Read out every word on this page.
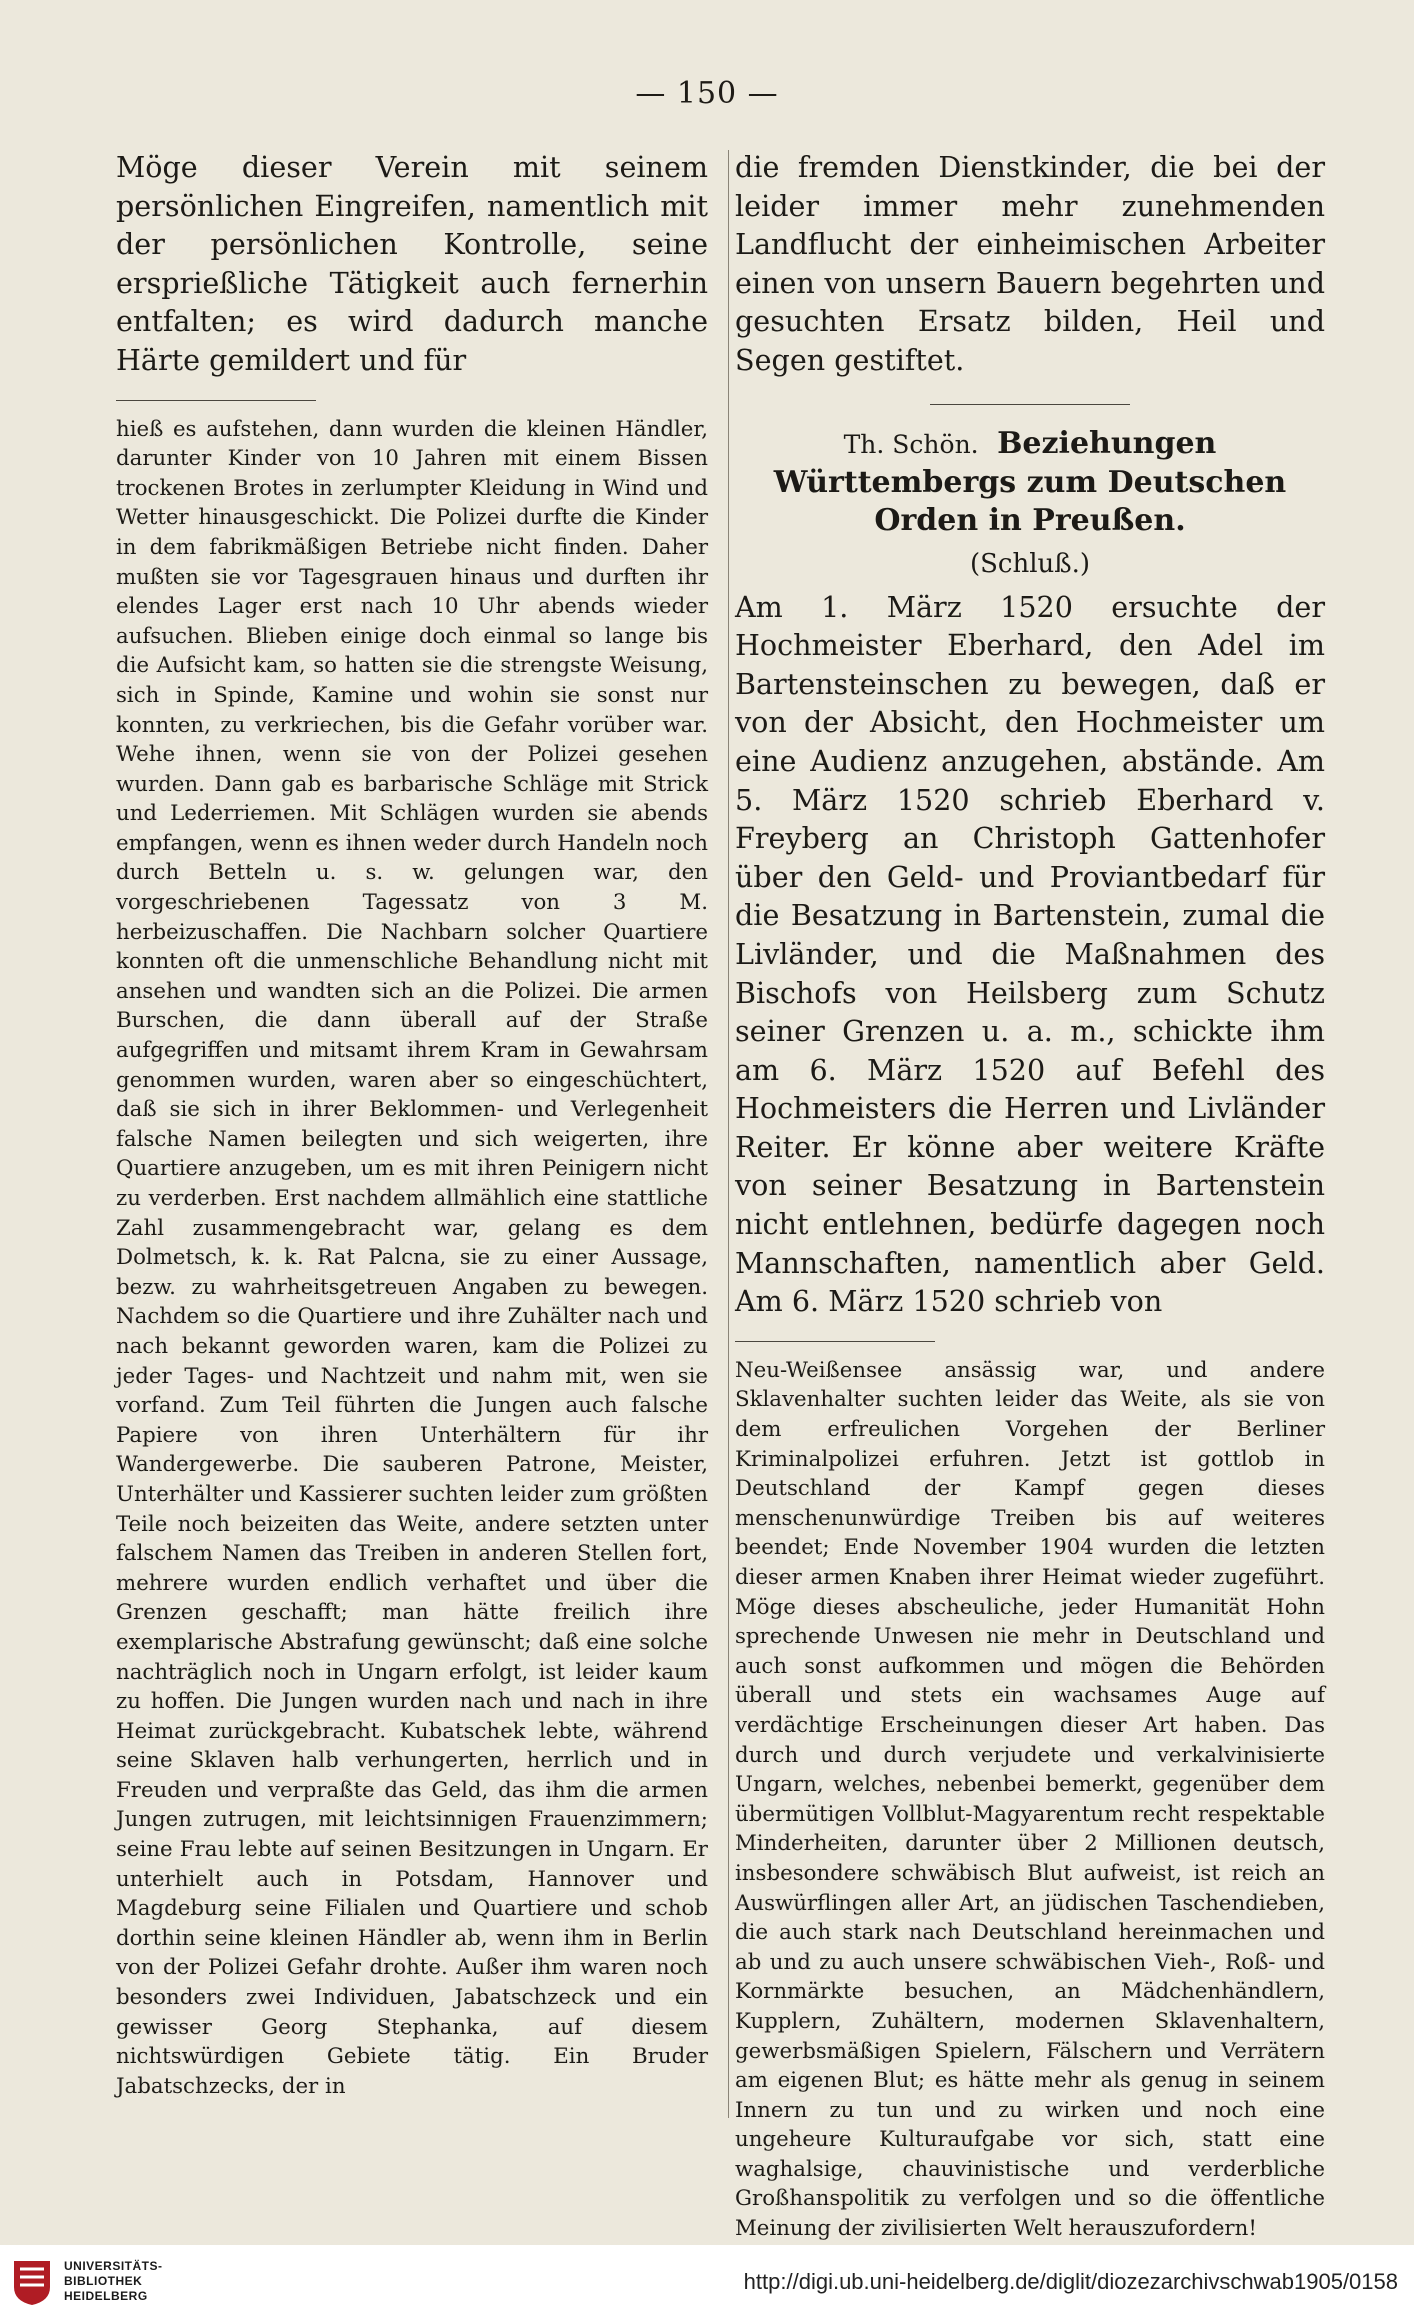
— 150 —

Möge dieser Verein mit seinem persönlichen Eingreifen, namentlich mit der persönlichen Kontrolle, seine ersprießliche Tätigkeit auch fernerhin entfalten; es wird dadurch manche Härte gemildert und für

hieß es aufstehen, dann wurden die kleinen Händler, darunter Kinder von 10 Jahren mit einem Bissen trockenen Brotes in zerlumpter Kleidung in Wind und Wetter hinausgeschickt. Die Polizei durfte die Kinder in dem fabrikmäßigen Betriebe nicht finden. Daher mußten sie vor Tagesgrauen hinaus und durften ihr elendes Lager erst nach 10 Uhr abends wieder aufsuchen. Blieben einige doch einmal so lange bis die Aufsicht kam, so hatten sie die strengste Weisung, sich in Spinde, Kamine und wohin sie sonst nur konnten, zu verkriechen, bis die Gefahr vorüber war. Wehe ihnen, wenn sie von der Polizei gesehen wurden. Dann gab es barbarische Schläge mit Strick und Lederriemen. Mit Schlägen wurden sie abends empfangen, wenn es ihnen weder durch Handeln noch durch Betteln u. s. w. gelungen war, den vorgeschriebenen Tagessatz von 3 M. herbeizuschaffen. Die Nachbarn solcher Quartiere konnten oft die unmenschliche Behandlung nicht mit ansehen und wandten sich an die Polizei. Die armen Burschen, die dann überall auf der Straße aufgegriffen und mitsamt ihrem Kram in Gewahrsam genommen wurden, waren aber so eingeschüchtert, daß sie sich in ihrer Beklommen- und Verlegenheit falsche Namen beilegten und sich weigerten, ihre Quartiere anzugeben, um es mit ihren Peinigern nicht zu verderben. Erst nachdem allmählich eine stattliche Zahl zusammengebracht war, gelang es dem Dolmetsch, k. k. Rat Palcna, sie zu einer Aussage, bezw. zu wahrheitsgetreuen Angaben zu bewegen. Nachdem so die Quartiere und ihre Zuhälter nach und nach bekannt geworden waren, kam die Polizei zu jeder Tages- und Nachtzeit und nahm mit, wen sie vorfand. Zum Teil führten die Jungen auch falsche Papiere von ihren Unterhältern für ihr Wandergewerbe. Die sauberen Patrone, Meister, Unterhälter und Kassierer suchten leider zum größten Teile noch beizeiten das Weite, andere setzten unter falschem Namen das Treiben in anderen Stellen fort, mehrere wurden endlich verhaftet und über die Grenzen geschafft; man hätte freilich ihre exemplarische Abstrafung gewünscht; daß eine solche nachträglich noch in Ungarn erfolgt, ist leider kaum zu hoffen. Die Jungen wurden nach und nach in ihre Heimat zurückgebracht. Kubatschek lebte, während seine Sklaven halb verhungerten, herrlich und in Freuden und verpraßte das Geld, das ihm die armen Jungen zutrugen, mit leichtsinnigen Frauenzimmern; seine Frau lebte auf seinen Besitzungen in Ungarn. Er unterhielt auch in Potsdam, Hannover und Magdeburg seine Filialen und Quartiere und schob dorthin seine kleinen Händler ab, wenn ihm in Berlin von der Polizei Gefahr drohte. Außer ihm waren noch besonders zwei Individuen, Jabatschzeck und ein gewisser Georg Stephanka, auf diesem nichtswürdigen Gebiete tätig. Ein Bruder Jabatschzecks, der in

die fremden Dienstkinder, die bei der leider immer mehr zunehmenden Landflucht der einheimischen Arbeiter einen von unsern Bauern begehrten und gesuchten Ersatz bilden, Heil und Segen gestiftet.

Th. Schön. Beziehungen Württembergs zum Deutschen Orden in Preußen.
(Schluß.)

Am 1. März 1520 ersuchte der Hochmeister Eberhard, den Adel im Bartensteinschen zu bewegen, daß er von der Absicht, den Hochmeister um eine Audienz anzugehen, abstände. Am 5. März 1520 schrieb Eberhard v. Freyberg an Christoph Gattenhofer über den Geld- und Proviantbedarf für die Besatzung in Bartenstein, zumal die Livländer, und die Maßnahmen des Bischofs von Heilsberg zum Schutz seiner Grenzen u. a. m., schickte ihm am 6. März 1520 auf Befehl des Hochmeisters die Herren und Livländer Reiter. Er könne aber weitere Kräfte von seiner Besatzung in Bartenstein nicht entlehnen, bedürfe dagegen noch Mannschaften, namentlich aber Geld. Am 6. März 1520 schrieb von

Neu-Weißensee ansässig war, und andere Sklavenhalter suchten leider das Weite, als sie von dem erfreulichen Vorgehen der Berliner Kriminalpolizei erfuhren. Jetzt ist gottlob in Deutschland der Kampf gegen dieses menschenunwürdige Treiben bis auf weiteres beendet; Ende November 1904 wurden die letzten dieser armen Knaben ihrer Heimat wieder zugeführt. Möge dieses abscheuliche, jeder Humanität Hohn sprechende Unwesen nie mehr in Deutschland und auch sonst aufkommen und mögen die Behörden überall und stets ein wachsames Auge auf verdächtige Erscheinungen dieser Art haben. Das durch und durch verjudete und verkalvinisierte Ungarn, welches, nebenbei bemerkt, gegenüber dem übermütigen Vollblut-Magyarentum recht respektable Minderheiten, darunter über 2 Millionen deutsch, insbesondere schwäbisch Blut aufweist, ist reich an Auswürflingen aller Art, an jüdischen Taschendieben, die auch stark nach Deutschland hereinmachen und ab und zu auch unsere schwäbischen Vieh-, Roß- und Kornmärkte besuchen, an Mädchenhändlern, Kupplern, Zuhältern, modernen Sklavenhaltern, gewerbsmäßigen Spielern, Fälschern und Verrätern am eigenen Blut; es hätte mehr als genug in seinem Innern zu tun und zu wirken und noch eine ungeheure Kulturaufgabe vor sich, statt eine waghalsige, chauvinistische und verderbliche Großhanspolitik zu verfolgen und so die öffentliche Meinung der zivilisierten Welt herauszufordern!

UNIVERSITÄTS-
BIBLIOTHEK
HEIDELBERG
http://digi.ub.uni-heidelberg.de/diglit/diozezarchivschwab1905/0158
